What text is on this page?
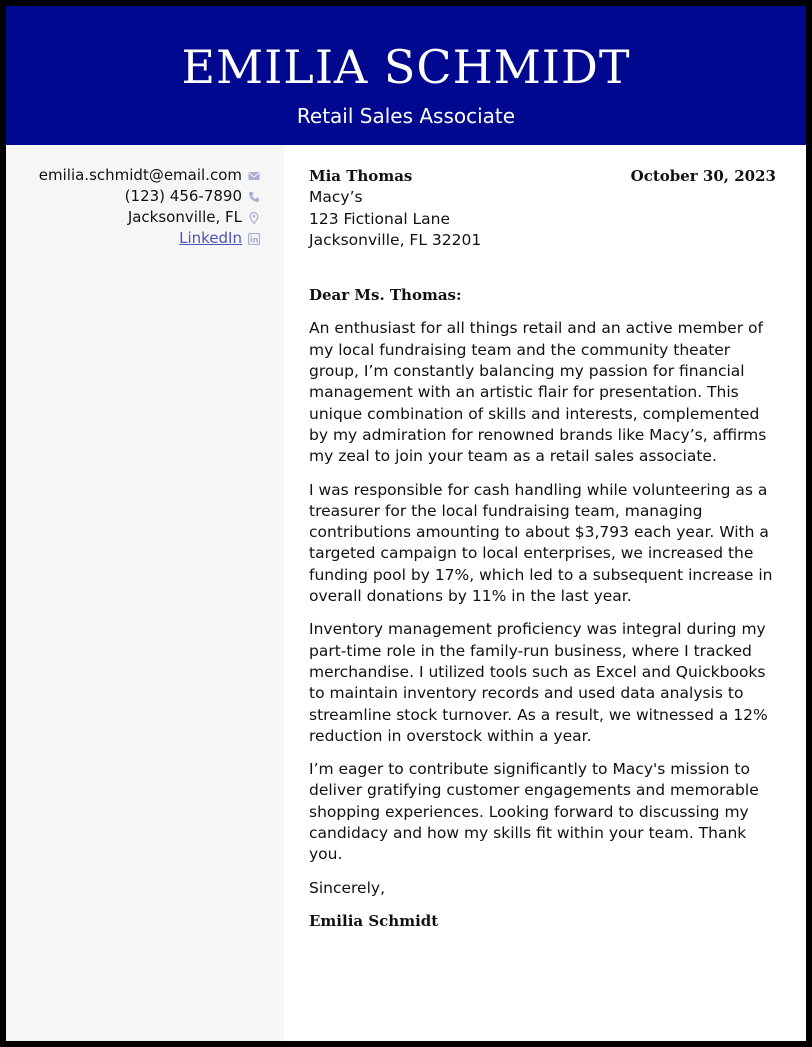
EMILIA SCHMIDT
Retail Sales Associate
emilia.schmidt@email.com
(123) 456-7890
Jacksonville, FL
LinkedIn
Mia Thomas	October 30, 2023
Macy’s
123 Fictional Lane
Jacksonville, FL 32201
Dear Ms. Thomas:
An enthusiast for all things retail and an active member of my local fundraising team and the community theater group, I’m constantly balancing my passion for financial management with an artistic flair for presentation. This unique combination of skills and interests, complemented by my admiration for renowned brands like Macy’s, affirms my zeal to join your team as a retail sales associate.
I was responsible for cash handling while volunteering as a treasurer for the local fundraising team, managing contributions amounting to about $3,793 each year. With a targeted campaign to local enterprises, we increased the funding pool by 17%, which led to a subsequent increase in overall donations by 11% in the last year.
Inventory management proficiency was integral during my part-time role in the family-run business, where I tracked merchandise. I utilized tools such as Excel and Quickbooks to maintain inventory records and used data analysis to streamline stock turnover. As a result, we witnessed a 12% reduction in overstock within a year.
I’m eager to contribute significantly to Macy's mission to deliver gratifying customer engagements and memorable shopping experiences. Looking forward to discussing my candidacy and how my skills fit within your team. Thank you.
Sincerely,
Emilia Schmidt
